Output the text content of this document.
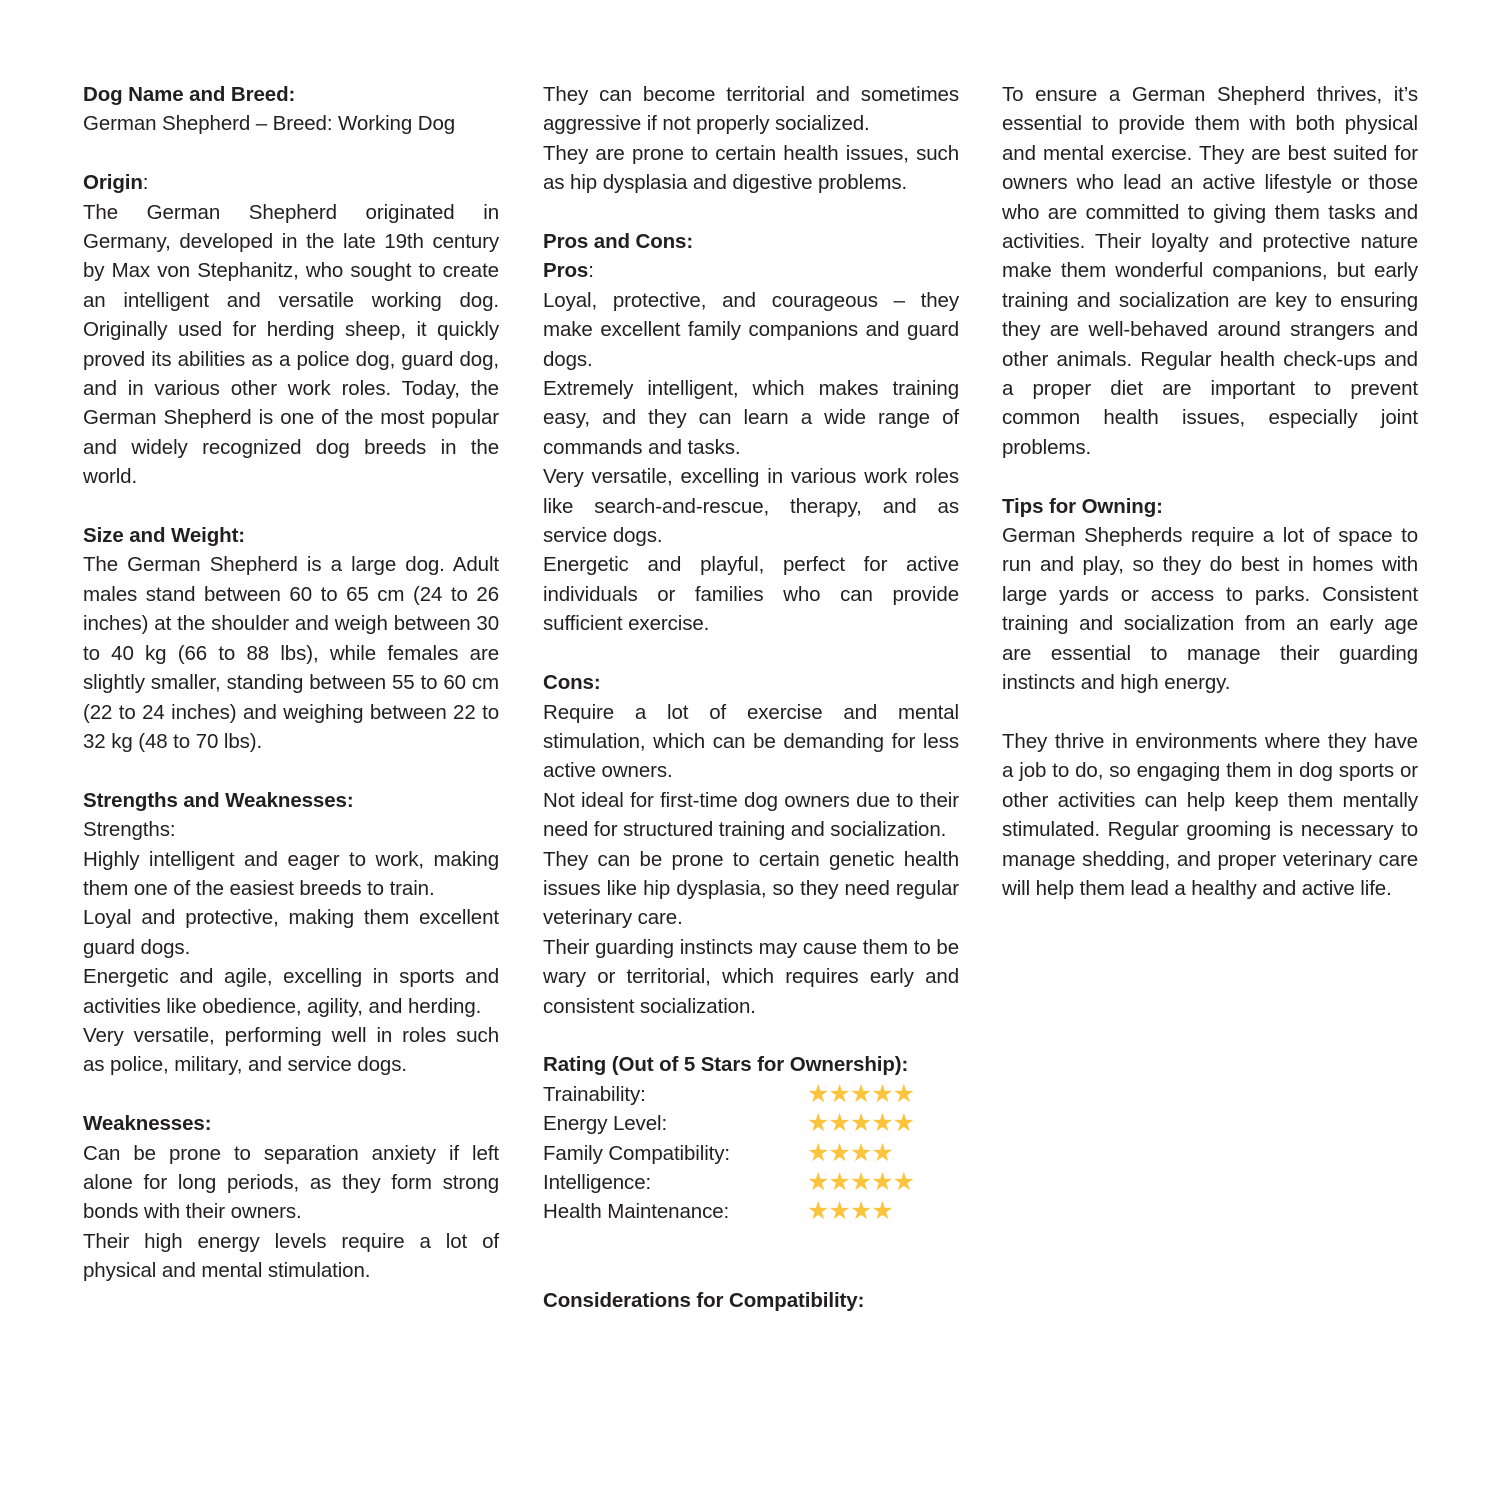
Dog Name and Breed:
German Shepherd – Breed: Working Dog
Origin:
The German Shepherd originated in Germany, developed in the late 19th century by Max von Stephanitz, who sought to create an intelligent and versatile working dog. Originally used for herding sheep, it quickly proved its abilities as a police dog, guard dog, and in various other work roles. Today, the German Shepherd is one of the most popular and widely recognized dog breeds in the world.
Size and Weight:
The German Shepherd is a large dog. Adult males stand between 60 to 65 cm (24 to 26 inches) at the shoulder and weigh between 30 to 40 kg (66 to 88 lbs), while females are slightly smaller, standing between 55 to 60 cm (22 to 24 inches) and weighing between 22 to 32 kg (48 to 70 lbs).
Strengths and Weaknesses:
Strengths:
Highly intelligent and eager to work, making them one of the easiest breeds to train.
Loyal and protective, making them excellent guard dogs.
Energetic and agile, excelling in sports and activities like obedience, agility, and herding.
Very versatile, performing well in roles such as police, military, and service dogs.
Weaknesses:
Can be prone to separation anxiety if left alone for long periods, as they form strong bonds with their owners.
Their high energy levels require a lot of physical and mental stimulation.
They can become territorial and sometimes aggressive if not properly socialized.
They are prone to certain health issues, such as hip dysplasia and digestive problems.
Pros and Cons:
Pros:
Loyal, protective, and courageous – they make excellent family companions and guard dogs.
Extremely intelligent, which makes training easy, and they can learn a wide range of commands and tasks.
Very versatile, excelling in various work roles like search-and-rescue, therapy, and as service dogs.
Energetic and playful, perfect for active individuals or families who can provide sufficient exercise.
Cons:
Require a lot of exercise and mental stimulation, which can be demanding for less active owners.
Not ideal for first-time dog owners due to their need for structured training and socialization.
They can be prone to certain genetic health issues like hip dysplasia, so they need regular veterinary care.
Their guarding instincts may cause them to be wary or territorial, which requires early and consistent socialization.
Rating (Out of 5 Stars for Ownership):
Trainability:	★★★★★
Energy Level:	★★★★★
Family Compatibility:	★★★★
Intelligence:	★★★★★
Health Maintenance:	★★★★
Considerations for Compatibility:
To ensure a German Shepherd thrives, it’s essential to provide them with both physical and mental exercise. They are best suited for owners who lead an active lifestyle or those who are committed to giving them tasks and activities. Their loyalty and protective nature make them wonderful companions, but early training and socialization are key to ensuring they are well-behaved around strangers and other animals. Regular health check-ups and a proper diet are important to prevent common health issues, especially joint problems.
Tips for Owning:
German Shepherds require a lot of space to run and play, so they do best in homes with large yards or access to parks. Consistent training and socialization from an early age are essential to manage their guarding instincts and high energy.
They thrive in environments where they have a job to do, so engaging them in dog sports or other activities can help keep them mentally stimulated. Regular grooming is necessary to manage shedding, and proper veterinary care will help them lead a healthy and active life.
